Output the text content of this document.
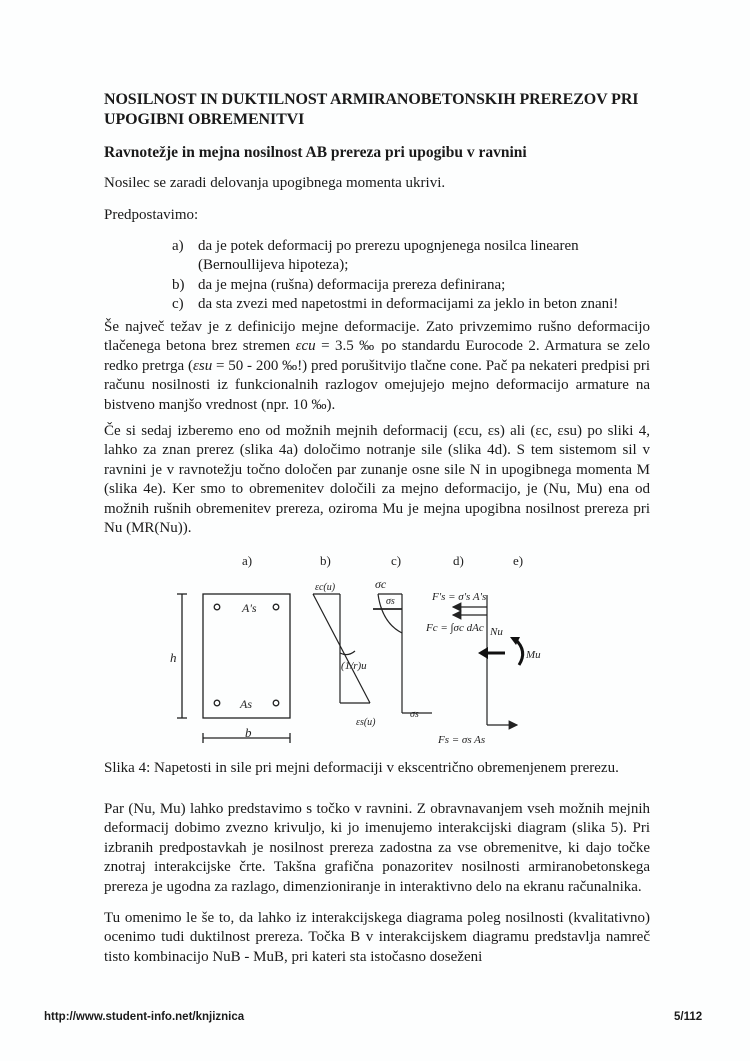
NOSILNOST IN DUKTILNOST ARMIRANOBETONSKIH PREREZOV PRI UPOGIBNI OBREMENITVI
Ravnotežje in mejna nosilnost AB prereza pri upogibu v ravnini
Nosilec se zaradi delovanja upogibnega momenta ukrivi.
Predpostavimo:
a) da je potek deformacij po prerezu upognjenega nosilca linearen (Bernoullijeva hipoteza);
b) da je mejna (rušna) deformacija prereza definirana;
c) da sta zvezi med napetostmi in deformacijami za jeklo in beton znani!
Še največ težav je z definicijo mejne deformacije. Zato privzemimo rušno deformacijo tlačenega betona brez stremen εcu = 3.5 ‰ po standardu Eurocode 2. Armatura se zelo redko pretrga (εsu = 50 - 200 ‰!) pred porušitvijo tlačne cone. Pač pa nekateri predpisi pri računu nosilnosti iz funkcionalnih razlogov omejujejo mejno deformacijo armature na bistveno manjšo vrednost (npr. 10 ‰).
Če si sedaj izberemo eno od možnih mejnih deformacij (εcu, εs) ali (εc, εsu) po sliki 4, lahko za znan prerez (slika 4a) določimo notranje sile (slika 4d). S tem sistemom sil v ravnini je v ravnotežju točno določen par zunanje osne sile N in upogibnega momenta M (slika 4e). Ker smo to obremenitev določili za mejno deformacijo, je (Nu, Mu) ena od možnih rušnih obremenitev prereza, oziroma Mu je mejna upogibna nosilnost prereza pri Nu (MR(Nu)).
a)	b)	c)	d)	e)
h
A's
As
b
εc(u)
(1/r)u
εs(u)
σc
σs
σs
F's = σ's A's
Fc = ∫σc dAc
Fs = σs As
Nu
Mu
Slika 4: Napetosti in sile pri mejni deformaciji v ekscentrično obremenjenem prerezu.
Par (Nu, Mu) lahko predstavimo s točko v ravnini. Z obravnavanjem vseh možnih mejnih deformacij dobimo zvezno krivuljo, ki jo imenujemo interakcijski diagram (slika 5). Pri izbranih predpostavkah je nosilnost prereza zadostna za vse obremenitve, ki dajo točke znotraj interakcijske črte. Takšna grafična ponazoritev nosilnosti armiranobetonskega prereza je ugodna za razlago, dimenzioniranje in interaktivno delo na ekranu računalnika.
Tu omenimo le še to, da lahko iz interakcijskega diagrama poleg nosilnosti (kvalitativno) ocenimo tudi duktilnost prereza. Točka B v interakcijskem diagramu predstavlja namreč tisto kombinacijo NuB - MuB, pri kateri sta istočasno doseženi
http://www.student-info.net/knjiznica	5/112
